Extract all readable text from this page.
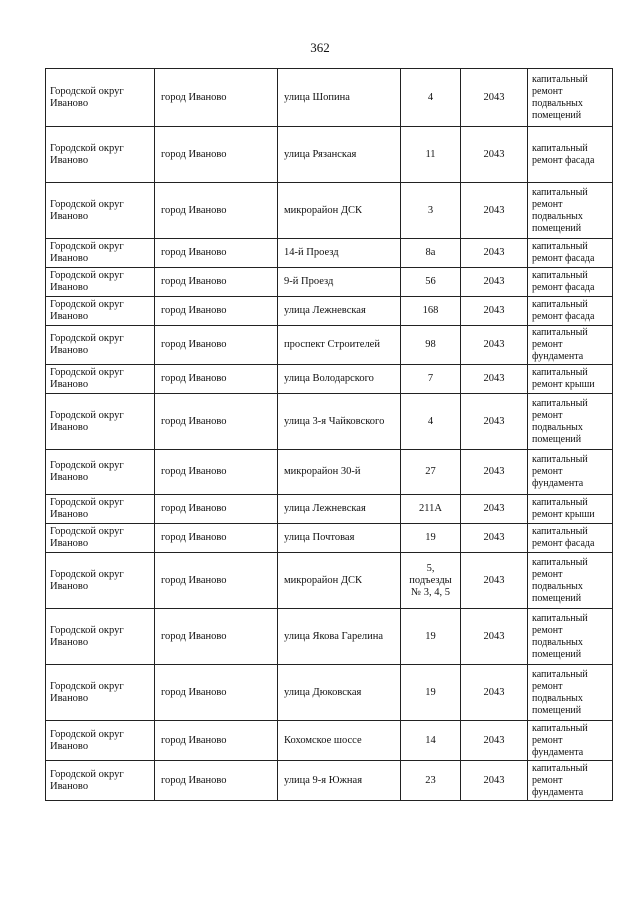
362
Городской округ Иваново	город Иваново	улица Шопина	4	2043	капитальный ремонт подвальных помещений
Городской округ Иваново	город Иваново	улица Рязанская	11	2043	капитальный ремонт фасада
Городской округ Иваново	город Иваново	микрорайон ДСК	3	2043	капитальный ремонт подвальных помещений
Городской округ Иваново	город Иваново	14-й Проезд	8а	2043	капитальный ремонт фасада
Городской округ Иваново	город Иваново	9-й Проезд	56	2043	капитальный ремонт фасада
Городской округ Иваново	город Иваново	улица Лежневская	168	2043	капитальный ремонт фасада
Городской округ Иваново	город Иваново	проспект Строителей	98	2043	капитальный ремонт фундамента
Городской округ Иваново	город Иваново	улица Володарского	7	2043	капитальный ремонт крыши
Городской округ Иваново	город Иваново	улица 3-я Чайковского	4	2043	капитальный ремонт подвальных помещений
Городской округ Иваново	город Иваново	микрорайон 30-й	27	2043	капитальный ремонт фундамента
Городской округ Иваново	город Иваново	улица Лежневская	211А	2043	капитальный ремонт крыши
Городской округ Иваново	город Иваново	улица Почтовая	19	2043	капитальный ремонт фасада
Городской округ Иваново	город Иваново	микрорайон ДСК	5, подъезды № 3, 4, 5	2043	капитальный ремонт подвальных помещений
Городской округ Иваново	город Иваново	улица Якова Гарелина	19	2043	капитальный ремонт подвальных помещений
Городской округ Иваново	город Иваново	улица Дюковская	19	2043	капитальный ремонт подвальных помещений
Городской округ Иваново	город Иваново	Кохомское шоссе	14	2043	капитальный ремонт фундамента
Городской округ Иваново	город Иваново	улица 9-я Южная	23	2043	капитальный ремонт фундамента
